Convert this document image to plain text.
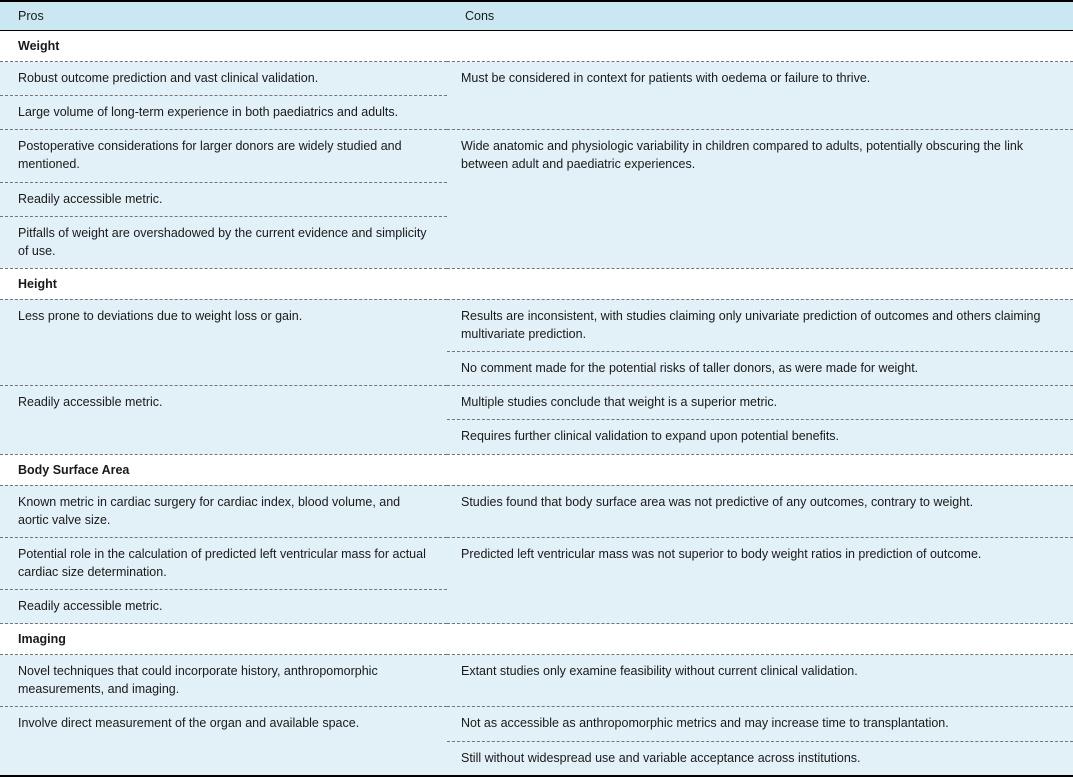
Pros	Cons
Weight	
Robust outcome prediction and vast clinical validation.	Must be considered in context for patients with oedema or failure to thrive.
Large volume of long-term experience in both paediatrics and adults.	
Postoperative considerations for larger donors are widely studied and mentioned.	Wide anatomic and physiologic variability in children compared to adults, potentially obscuring the link between adult and paediatric experiences.
Readily accessible metric.	
Pitfalls of weight are overshadowed by the current evidence and simplicity of use.	
Height	
Less prone to deviations due to weight loss or gain.	Results are inconsistent, with studies claiming only univariate prediction of outcomes and others claiming multivariate prediction.
	No comment made for the potential risks of taller donors, as were made for weight.
Readily accessible metric.	Multiple studies conclude that weight is a superior metric.
	Requires further clinical validation to expand upon potential benefits.
Body Surface Area	
Known metric in cardiac surgery for cardiac index, blood volume, and aortic valve size.	Studies found that body surface area was not predictive of any outcomes, contrary to weight.
Potential role in the calculation of predicted left ventricular mass for actual cardiac size determination.	Predicted left ventricular mass was not superior to body weight ratios in prediction of outcome.
Readily accessible metric.	
Imaging	
Novel techniques that could incorporate history, anthropomorphic measurements, and imaging.	Extant studies only examine feasibility without current clinical validation.
Involve direct measurement of the organ and available space.	Not as accessible as anthropomorphic metrics and may increase time to transplantation.
	Still without widespread use and variable acceptance across institutions.
